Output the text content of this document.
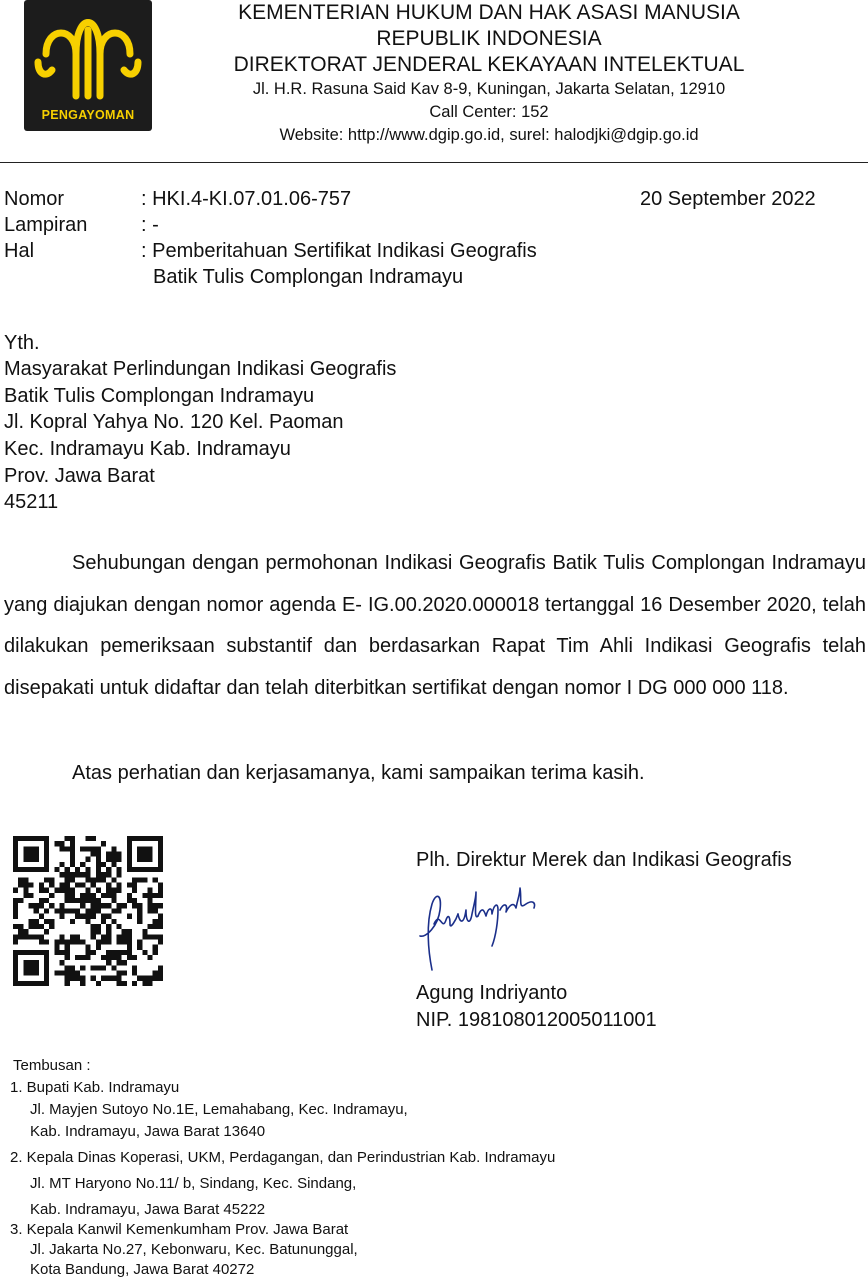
PENGAYOMAN
KEMENTERIAN HUKUM DAN HAK ASASI MANUSIA
REPUBLIK INDONESIA
DIREKTORAT JENDERAL KEKAYAAN INTELEKTUAL
Jl. H.R. Rasuna Said Kav 8-9, Kuningan, Jakarta Selatan, 12910
Call Center: 152
Website: http://www.dgip.go.id, surel: halodjki@dgip.go.id
Nomor	: HKI.4-KI.07.01.06-757	20 September 2022
Lampiran	: -
Hal	: Pemberitahuan Sertifikat Indikasi Geografis
Batik Tulis Complongan Indramayu
Yth.
Masyarakat Perlindungan Indikasi Geografis
Batik Tulis Complongan Indramayu
Jl. Kopral Yahya No. 120 Kel. Paoman
Kec. Indramayu Kab. Indramayu
Prov. Jawa Barat
45211
Sehubungan dengan permohonan Indikasi Geografis Batik Tulis Complongan Indramayu yang diajukan dengan nomor agenda E- IG.00.2020.000018 tertanggal 16 Desember 2020, telah dilakukan pemeriksaan substantif dan berdasarkan Rapat Tim Ahli Indikasi Geografis telah disepakati untuk didaftar dan telah diterbitkan sertifikat dengan nomor I DG 000 000 118.
Atas perhatian dan kerjasamanya, kami sampaikan terima kasih.
Plh. Direktur Merek dan Indikasi Geografis
Agung Indriyanto
NIP. 198108012005011001
Tembusan :
1. Bupati Kab. Indramayu
Jl. Mayjen Sutoyo No.1E, Lemahabang, Kec. Indramayu,
Kab. Indramayu, Jawa Barat 13640
2. Kepala Dinas Koperasi, UKM, Perdagangan, dan Perindustrian Kab. Indramayu
Jl. MT Haryono No.11/ b, Sindang, Kec. Sindang,
Kab. Indramayu, Jawa Barat 45222
3. Kepala Kanwil Kemenkumham Prov. Jawa Barat
Jl. Jakarta No.27, Kebonwaru, Kec. Batununggal,
Kota Bandung, Jawa Barat 40272
